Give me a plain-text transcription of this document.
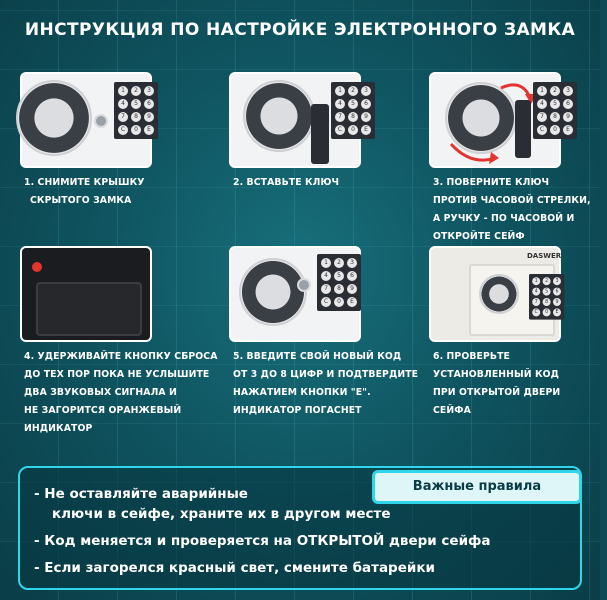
ИНСТРУКЦИЯ ПО НАСТРОЙКЕ ЭЛЕКТРОННОГО ЗАМКА
1	2	3
4	5	6
7	8	9
C	0	E
1. СНИМИТЕ КРЫШКУ
СКРЫТОГО ЗАМКА
1	2	3
4	5	6
7	8	9
C	0	E
2. ВСТАВЬТЕ КЛЮЧ
1	2	3
4	5	6
7	8	9
C	0	E
3. ПОВЕРНИТЕ КЛЮЧ
ПРОТИВ ЧАСОВОЙ СТРЕЛКИ,
А РУЧКУ - ПО ЧАСОВОЙ И
ОТКРОЙТЕ СЕЙФ
4. УДЕРЖИВАЙТЕ КНОПКУ СБРОСА
ДО ТЕХ ПОР ПОКА НЕ УСЛЫШИТЕ
ДВА ЗВУКОВЫХ СИГНАЛА И
НЕ ЗАГОРИТСЯ ОРАНЖЕВЫЙ
ИНДИКАТОР
1	2	3
4	5	6
7	8	9
C	0	E
5. ВВЕДИТЕ СВОЙ НОВЫЙ КОД
ОТ 3 ДО 8 ЦИФР И ПОДТВЕРДИТЕ
НАЖАТИЕМ КНОПКИ "E".
ИНДИКАТОР ПОГАСНЕТ
1	2	3
4	5	6
7	8	9
C	0	E
DASWER
6. ПРОВЕРЬТЕ
УСТАНОВЛЕННЫЙ КОД
ПРИ ОТКРЫТОЙ ДВЕРИ
СЕЙФА
Важные правила
- Не оставляйте аварийные
ключи в сейфе, храните их в другом месте
- Код меняется и проверяется на ОТКРЫТОЙ двери сейфа
- Если загорелся красный свет, смените батарейки
